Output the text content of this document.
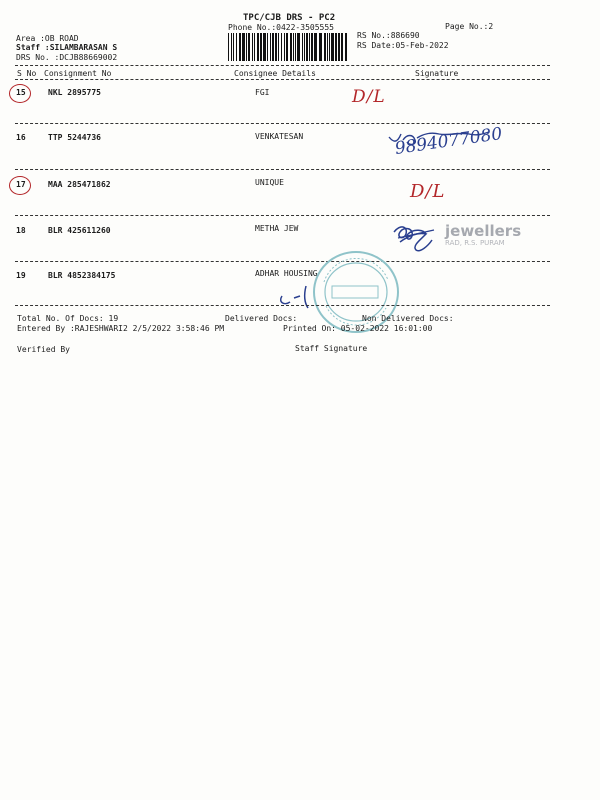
TPC/CJB DRS - PC2
Phone No.:0422-3505555	Page No.:2
Area :OB ROAD
Staff :SILAMBARASAN S
DRS No. :DCJB88669002
RS No.:886690
RS Date:05-Feb-2022
S No Consignment No	Consignee Details	Signature
15	NKL 2895775	FGI	D/L
16	TTP 5244736	VENKATESAN	9894077080
17	MAA 285471862	UNIQUE	D/L
18	BLR 425611260	METHA JEW	jewellers
RAD, R.S. PURAM
19	BLR 4852384175	ADHAR HOUSING
Total No. Of Docs: 19	Delivered Docs:	Non Delivered Docs:
Entered By :RAJESHWARI2 2/5/2022 3:58:46 PM	Printed On: 05-02-2022 16:01:00
Verified By	Staff Signature
